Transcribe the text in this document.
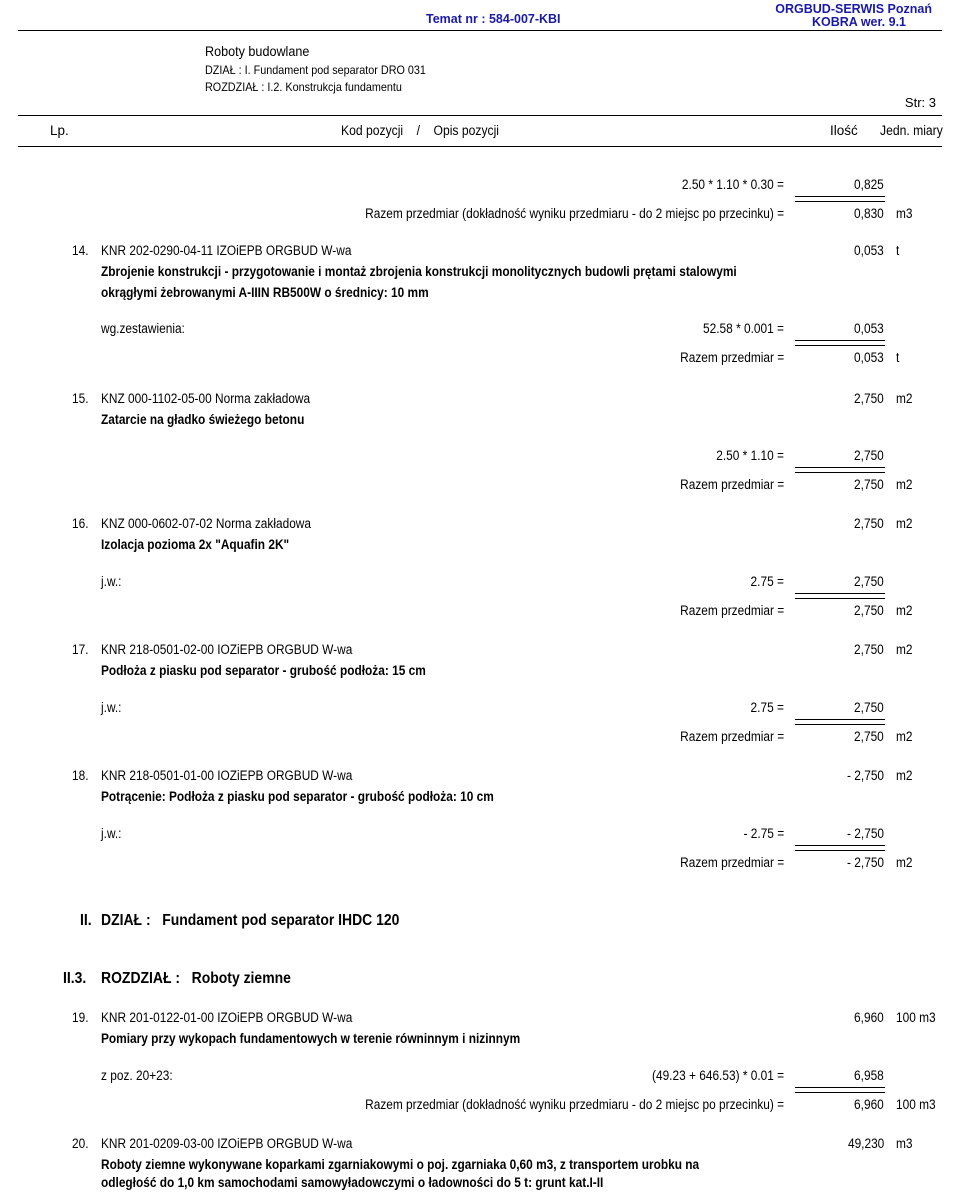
Temat nr : 584-007-KBI
ORGBUD-SERWIS Poznań
KOBRA wer. 9.1
Roboty budowlane
DZIAŁ : I. Fundament pod separator DRO 031
ROZDZIAŁ : I.2. Konstrukcja fundamentu
Str: 3
Lp.	Kod pozycji    /    Opis pozycji	Ilość Jedn. miary
2.50 * 1.10 * 0.30 =	0,825
Razem przedmiar (dokładność wyniku przedmiaru - do 2 miejsc po przecinku) =	0,830 m3
14. KNR 202-0290-04-11 IZOiEPB ORGBUD W-wa	0,053 t
Zbrojenie konstrukcji - przygotowanie i montaż zbrojenia konstrukcji monolitycznych budowli prętami stalowymi
okrągłymi żebrowanymi A-IIIN RB500W o średnicy: 10 mm
wg.zestawienia:	52.58 * 0.001 =	0,053
Razem przedmiar =	0,053 t
15. KNZ 000-1102-05-00 Norma zakładowa	2,750 m2
Zatarcie na gładko świeżego betonu
2.50 * 1.10 =	2,750
Razem przedmiar =	2,750 m2
16. KNZ 000-0602-07-02 Norma zakładowa	2,750 m2
Izolacja pozioma 2x "Aquafin 2K"
j.w.:	2.75 =	2,750
Razem przedmiar =	2,750 m2
17. KNR 218-0501-02-00 IOZiEPB ORGBUD W-wa	2,750 m2
Podłoża z piasku pod separator - grubość podłoża: 15 cm
j.w.:	2.75 =	2,750
Razem przedmiar =	2,750 m2
18. KNR 218-0501-01-00 IOZiEPB ORGBUD W-wa	- 2,750 m2
Potrącenie: Podłoża z piasku pod separator - grubość podłoża: 10 cm
j.w.:	- 2.75 =	- 2,750
Razem przedmiar =	- 2,750 m2
II. DZIAŁ :   Fundament pod separator IHDC 120
II.3. ROZDZIAŁ :   Roboty ziemne
19. KNR 201-0122-01-00 IZOiEPB ORGBUD W-wa	6,960 100 m3
Pomiary przy wykopach fundamentowych w terenie równinnym i nizinnym
z poz. 20+23:	(49.23 + 646.53) * 0.01 =	6,958
Razem przedmiar (dokładność wyniku przedmiaru - do 2 miejsc po przecinku) =	6,960 100 m3
20. KNR 201-0209-03-00 IZOiEPB ORGBUD W-wa	49,230 m3
Roboty ziemne wykonywane koparkami zgarniakowymi o poj. zgarniaka 0,60 m3, z transportem urobku na
odległość do 1,0 km samochodami samowyładowczymi o ładowności do 5 t: grunt kat.I-II
